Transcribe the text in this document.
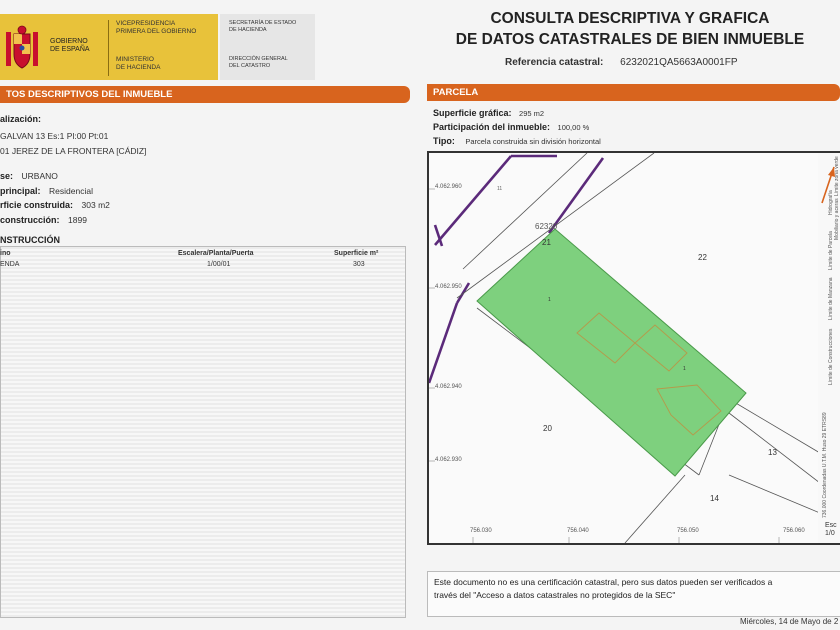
GOBIERNO
DE ESPAÑA
VICEPRESIDENCIA
PRIMERA DEL GOBIERNO
MINISTERIO
DE HACIENDA
SECRETARÍA DE ESTADO
DE HACIENDA
DIRECCIÓN GENERAL
DEL CATASTRO
CONSULTA DESCRIPTIVA Y GRAFICA
DE DATOS CATASTRALES DE BIEN INMUEBLE
Referencia catastral: 6232021QA5663A0001FP
TOS DESCRIPTIVOS DEL INMUEBLE
alización:
GALVAN 13 Es:1 Pl:00 Pt:01
01 JEREZ DE LA FRONTERA [CÁDIZ]
se: URBANO
principal: Residencial
rficie construida: 303 m2
construcción: 1899
NSTRUCCIÓN
ino	Escalera/Planta/Puerta	Superficie m²
ENDA	1/00/01	303
PARCELA
Superficie gráfica: 295 m2
Participación del inmueble: 100,00 %
Tipo: Parcela construida sin división horizontal
4.062.960
4.062.950
4.062.940
4.062.930
756.030	756.040	756.050	756.060
62320
21
22
20
13
14
11
1
1
Límite de Manzana
Límite de Parcela
Límite de Construcciones
Mobiliario y aceras
Límite zona verde
Hidrografía
736.000 Coordenadas U.T.M. Huso 29 ETRS89
Esc
1/0
Este documento no es una certificación catastral, pero sus datos pueden ser verificados a
través del "Acceso a datos catastrales no protegidos de la SEC"
Miércoles, 14 de Mayo de 2
